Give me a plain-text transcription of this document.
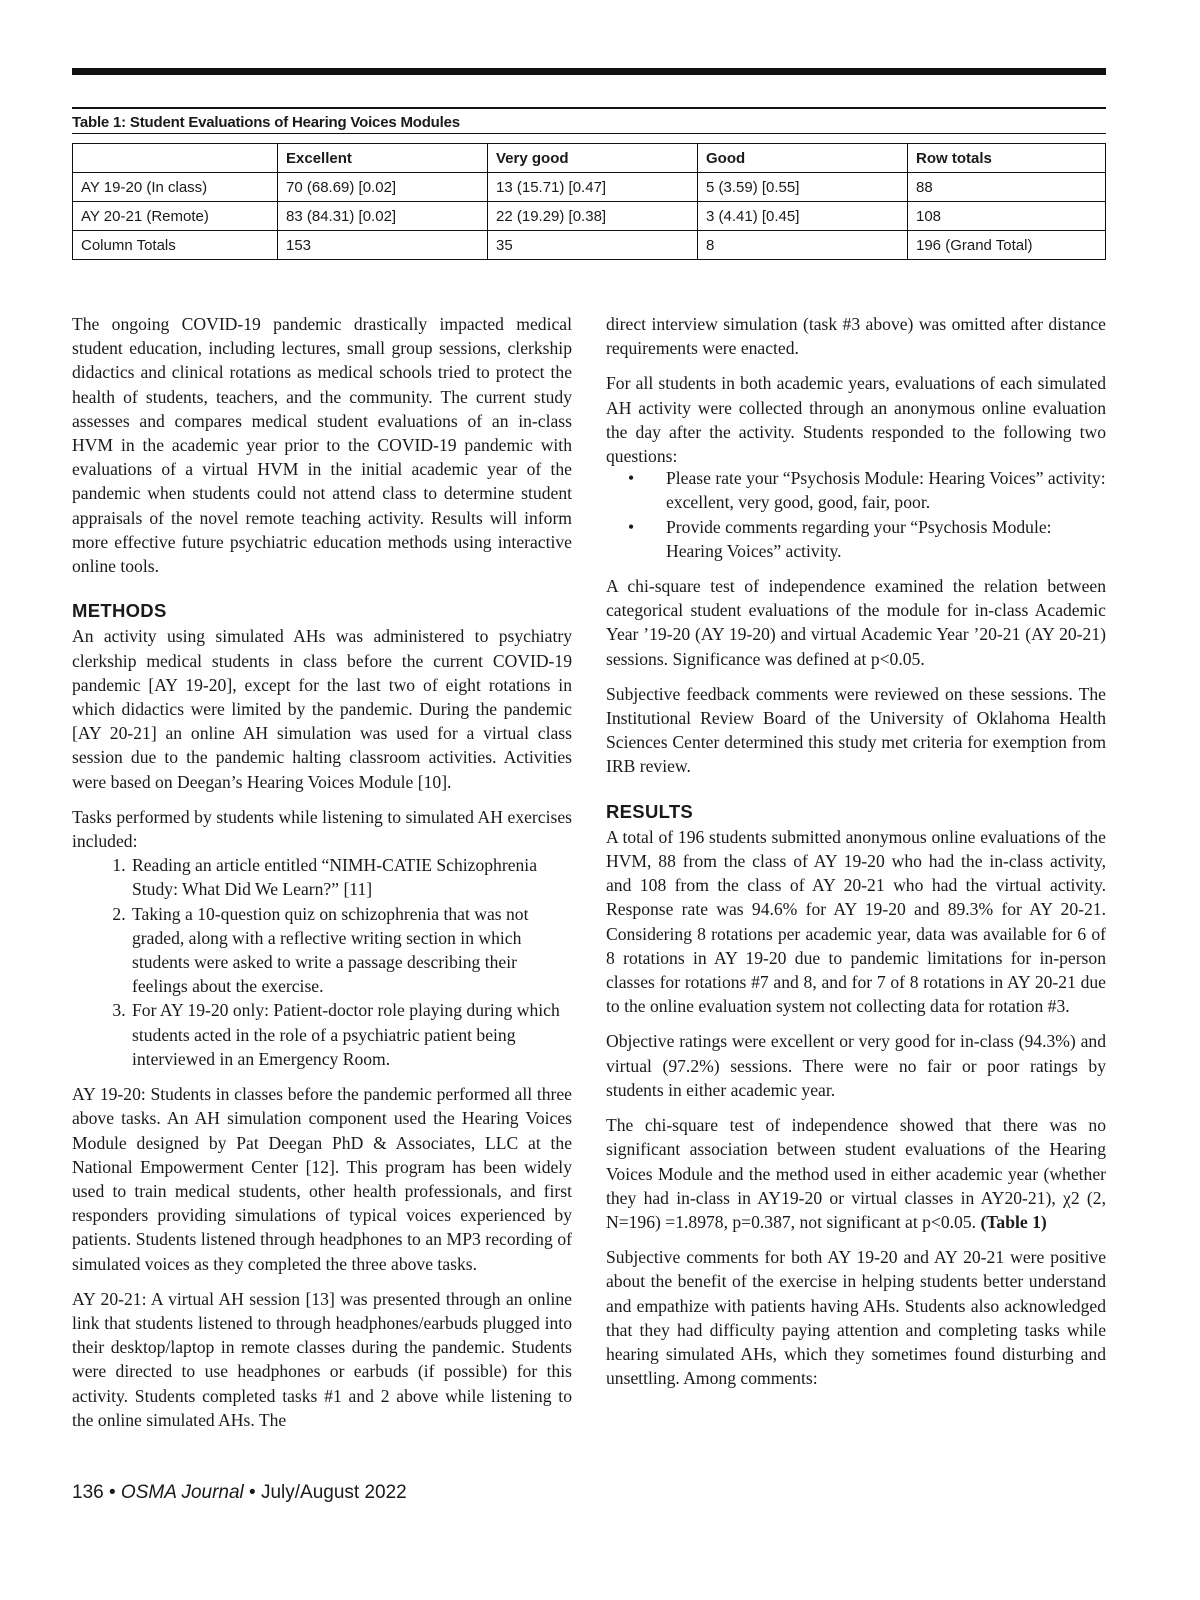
Table 1: Student Evaluations of Hearing Voices Modules
	Excellent	Very good	Good	Row totals
AY 19-20 (In class)	70 (68.69) [0.02]	13 (15.71) [0.47]	5 (3.59) [0.55]	88
AY 20-21 (Remote)	83 (84.31) [0.02]	22 (19.29) [0.38]	3 (4.41) [0.45]	108
Column Totals	153	35	8	196 (Grand Total)

The ongoing COVID-19 pandemic drastically impacted medical student education, including lectures, small group sessions, clerkship didactics and clinical rotations as medical schools tried to protect the health of students, teachers, and the community. The current study assesses and compares medical student evaluations of an in-class HVM in the academic year prior to the COVID-19 pandemic with evaluations of a virtual HVM in the initial academic year of the pandemic when students could not attend class to determine student appraisals of the novel remote teaching activity. Results will inform more effective future psychiatric education methods using interactive online tools.

METHODS

An activity using simulated AHs was administered to psychiatry clerkship medical students in class before the current COVID-19 pandemic [AY 19-20], except for the last two of eight rotations in which didactics were limited by the pandemic. During the pandemic [AY 20-21] an online AH simulation was used for a virtual class session due to the pandemic halting classroom activities. Activities were based on Deegan’s Hearing Voices Module [10].

Tasks performed by students while listening to simulated AH exercises included:

1. Reading an article entitled “NIMH-CATIE Schizophrenia Study: What Did We Learn?” [11]
2. Taking a 10-question quiz on schizophrenia that was not graded, along with a reflective writing section in which students were asked to write a passage describing their feelings about the exercise.
3. For AY 19-20 only: Patient-doctor role playing during which students acted in the role of a psychiatric patient being interviewed in an Emergency Room.

AY 19-20: Students in classes before the pandemic performed all three above tasks. An AH simulation component used the Hearing Voices Module designed by Pat Deegan PhD & Associates, LLC at the National Empowerment Center [12]. This program has been widely used to train medical students, other health professionals, and first responders providing simulations of typical voices experienced by patients. Students listened through headphones to an MP3 recording of simulated voices as they completed the three above tasks.

AY 20-21: A virtual AH session [13] was presented through an online link that students listened to through headphones/earbuds plugged into their desktop/laptop in remote classes during the pandemic. Students were directed to use headphones or earbuds (if possible) for this activity. Students completed tasks #1 and 2 above while listening to the online simulated AHs. The

direct interview simulation (task #3 above) was omitted after distance requirements were enacted.

For all students in both academic years, evaluations of each simulated AH activity were collected through an anonymous online evaluation the day after the activity. Students responded to the following two questions:

• Please rate your “Psychosis Module: Hearing Voices” activity: excellent, very good, good, fair, poor.
• Provide comments regarding your “Psychosis Module: Hearing Voices” activity.

A chi-square test of independence examined the relation between categorical student evaluations of the module for in-class Academic Year ’19-20 (AY 19-20) and virtual Academic Year ’20-21 (AY 20-21) sessions. Significance was defined at p<0.05.

Subjective feedback comments were reviewed on these sessions. The Institutional Review Board of the University of Oklahoma Health Sciences Center determined this study met criteria for exemption from IRB review.

RESULTS

A total of 196 students submitted anonymous online evaluations of the HVM, 88 from the class of AY 19-20 who had the in-class activity, and 108 from the class of AY 20-21 who had the virtual activity. Response rate was 94.6% for AY 19-20 and 89.3% for AY 20-21. Considering 8 rotations per academic year, data was available for 6 of 8 rotations in AY 19-20 due to pandemic limitations for in-person classes for rotations #7 and 8, and for 7 of 8 rotations in AY 20-21 due to the online evaluation system not collecting data for rotation #3.

Objective ratings were excellent or very good for in-class (94.3%) and virtual (97.2%) sessions. There were no fair or poor ratings by students in either academic year.

The chi-square test of independence showed that there was no significant association between student evaluations of the Hearing Voices Module and the method used in either academic year (whether they had in-class in AY19-20 or virtual classes in AY20-21), χ2 (2, N=196) =1.8978, p=0.387, not significant at p<0.05. (Table 1)

Subjective comments for both AY 19-20 and AY 20-21 were positive about the benefit of the exercise in helping students better understand and empathize with patients having AHs. Students also acknowledged that they had difficulty paying attention and completing tasks while hearing simulated AHs, which they sometimes found disturbing and unsettling. Among comments:

136 • OSMA Journal • July/August 2022
